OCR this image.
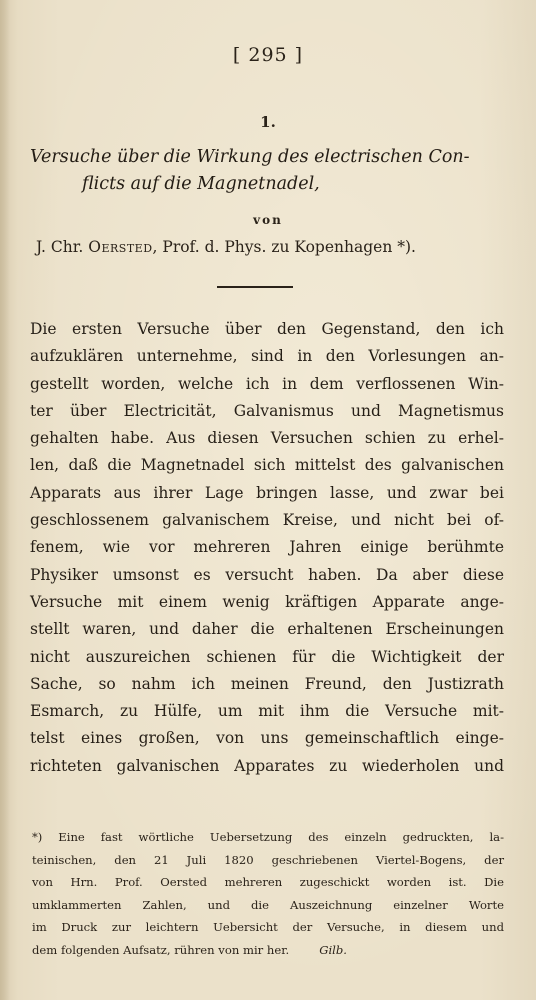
[ 295 ]
1.
Versuche über die Wirkung des electrischen Con-
flicts auf die Magnetnadel,
von
J. Chr. Oersted, Prof. d. Phys. zu Kopenhagen *).
Die ersten Versuche über den Gegenstand, den ich
aufzuklären unternehme, sind in den Vorlesungen an-
gestellt worden, welche ich in dem verflossenen Win-
ter über Electricität, Galvanismus und Magnetismus
gehalten habe. Aus diesen Versuchen schien zu erhel-
len, daß die Magnetnadel sich mittelst des galvanischen
Apparats aus ihrer Lage bringen lasse, und zwar bei
geschlossenem galvanischem Kreise, und nicht bei of-
fenem, wie vor mehreren Jahren einige berühmte
Physiker umsonst es versucht haben. Da aber diese
Versuche mit einem wenig kräftigen Apparate ange-
stellt waren, und daher die erhaltenen Erscheinungen
nicht auszureichen schienen für die Wichtigkeit der
Sache, so nahm ich meinen Freund, den Justizrath
Esmarch, zu Hülfe, um mit ihm die Versuche mit-
telst eines großen, von uns gemeinschaftlich einge-
richteten galvanischen Apparates zu wiederholen und
*) Eine fast wörtliche Uebersetzung des einzeln gedruckten, la-
teinischen, den 21 Juli 1820 geschriebenen Viertel-Bogens, der
von Hrn. Prof. Oersted mehreren zugeschickt worden ist. Die
umklammerten Zahlen, und die Auszeichnung einzelner Worte
im Druck zur leichtern Uebersicht der Versuche, in diesem und
dem folgenden Aufsatz, rühren von mir her.	Gilb.
